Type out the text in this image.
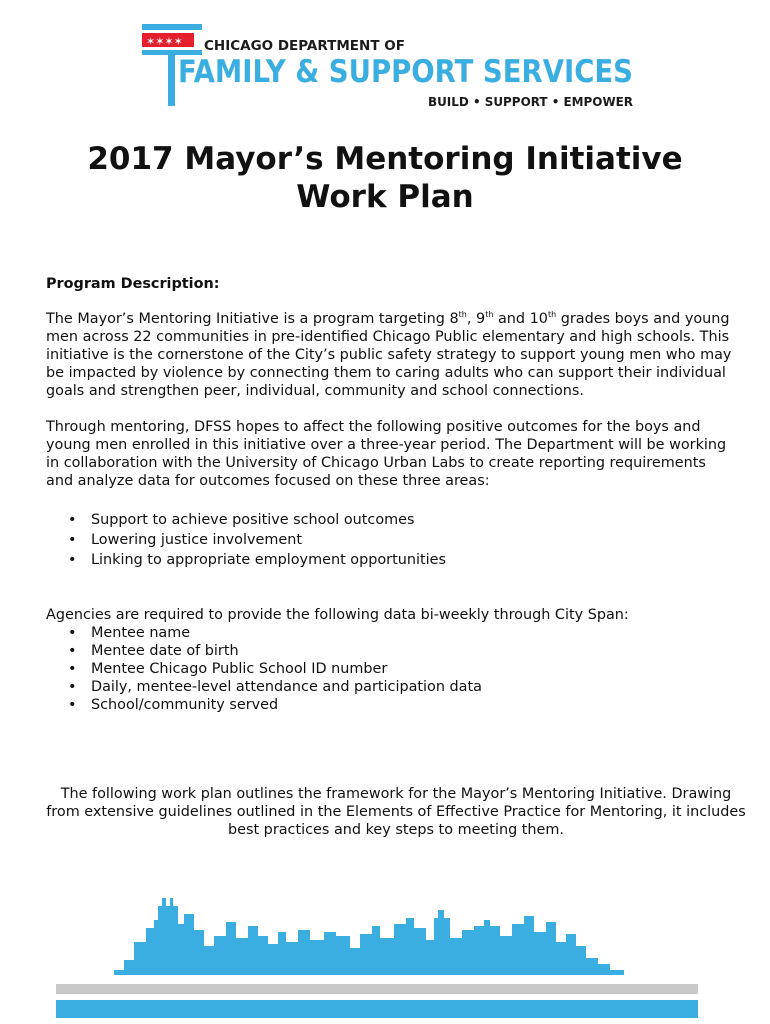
✶✶✶✶ CHICAGO DEPARTMENT OF
FAMILY & SUPPORT SERVICES
BUILD • SUPPORT • EMPOWER
2017 Mayor’s Mentoring Initiative
Work Plan

Program Description:

The Mayor’s Mentoring Initiative is a program targeting 8th, 9th and 10th grades boys and young men across 22 communities in pre-identified Chicago Public elementary and high schools. This initiative is the cornerstone of the City’s public safety strategy to support young men who may be impacted by violence by connecting them to caring adults who can support their individual goals and strengthen peer, individual, community and school connections.

Through mentoring, DFSS hopes to affect the following positive outcomes for the boys and young men enrolled in this initiative over a three-year period. The Department will be working in collaboration with the University of Chicago Urban Labs to create reporting requirements and analyze data for outcomes focused on these three areas:

• Support to achieve positive school outcomes
• Lowering justice involvement
• Linking to appropriate employment opportunities

Agencies are required to provide the following data bi-weekly through City Span:

• Mentee name
• Mentee date of birth
• Mentee Chicago Public School ID number
• Daily, mentee-level attendance and participation data
• School/community served

The following work plan outlines the framework for the Mayor’s Mentoring Initiative. Drawing from extensive guidelines outlined in the Elements of Effective Practice for Mentoring, it includes best practices and key steps to meeting them.
